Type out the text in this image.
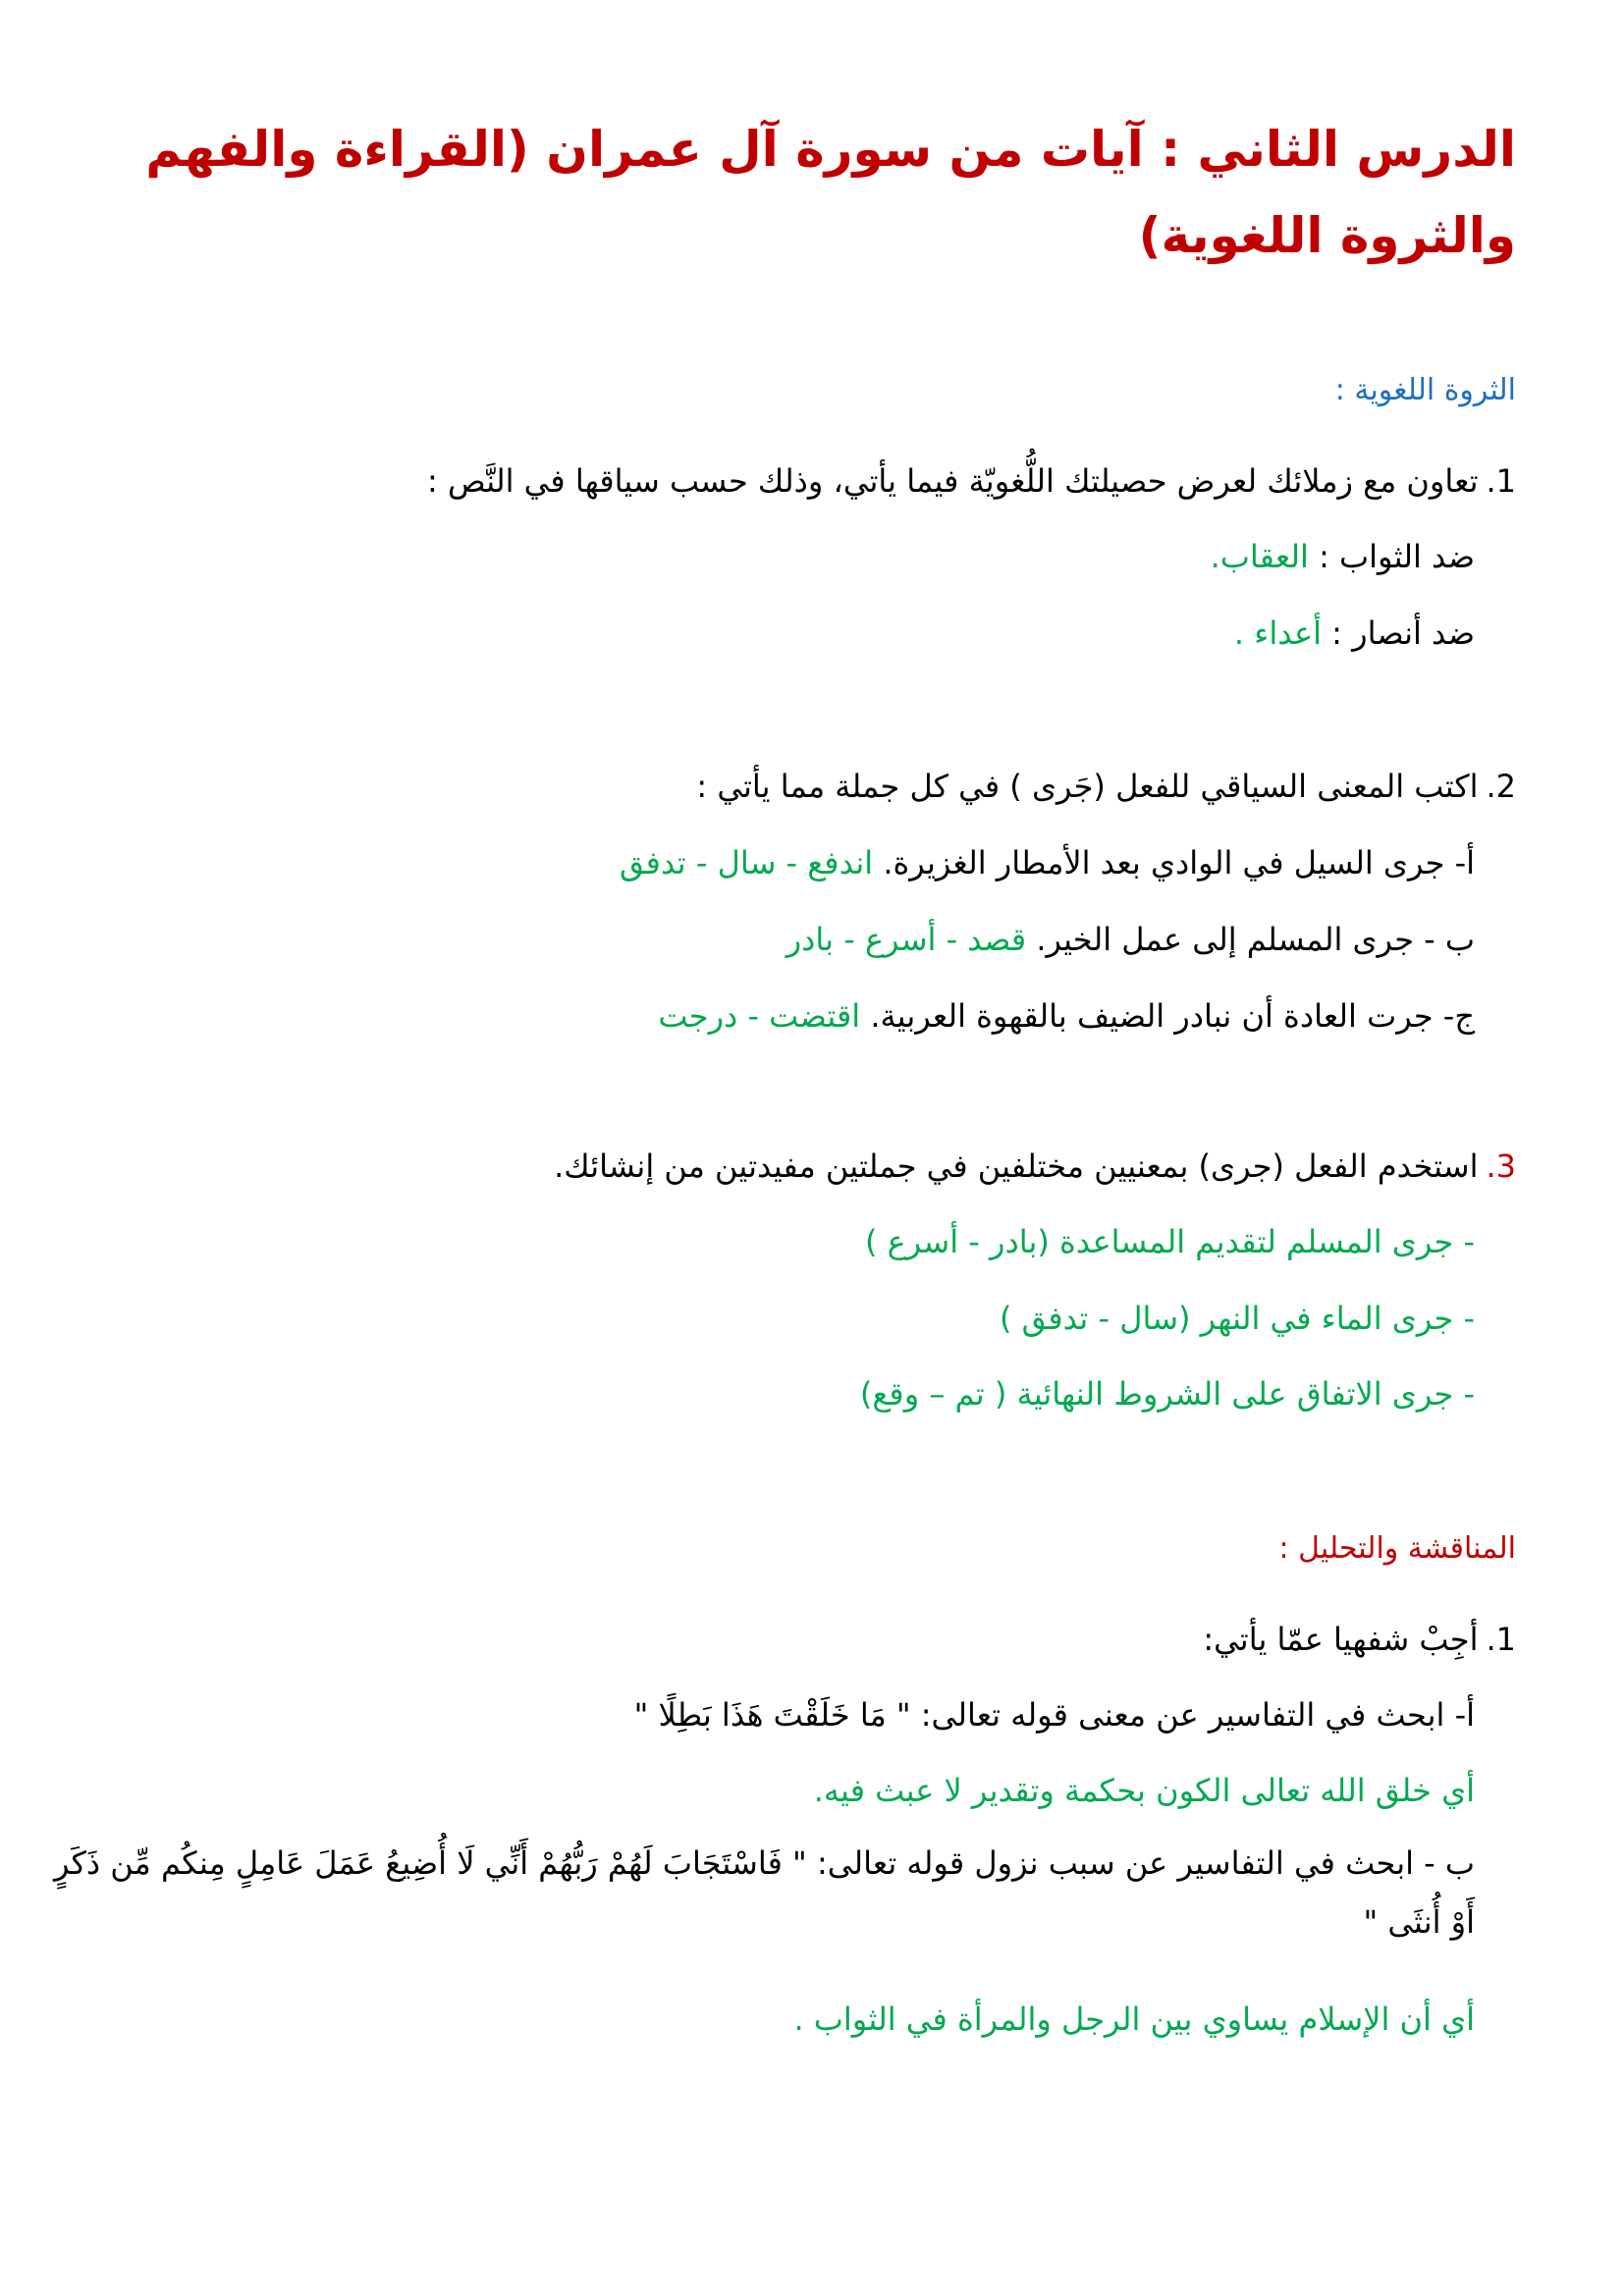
الدرس الثاني : آيات من سورة آل عمران (القراءة والفهم والثروة اللغوية)

الثروة اللغوية :

1.تعاون مع زملائك لعرض حصيلتك اللُّغويّة فيما يأتي، وذلك حسب سياقها في النَّص :
ضد الثواب : العقاب.
ضد أنصار : أعداء .
2.اكتب المعنى السياقي للفعل (جَرى ) في كل جملة مما يأتي :
أ- جرى السيل في الوادي بعد الأمطار الغزيرة. اندفع - سال - تدفق
ب - جرى المسلم إلى عمل الخير. قصد - أسرع - بادر
ج- جرت العادة أن نبادر الضيف بالقهوة العربية. اقتضت - درجت
3.استخدم الفعل (جرى) بمعنيين مختلفين في جملتين مفيدتين من إنشائك.
- جرى المسلم لتقديم المساعدة (بادر - أسرع )
- جرى الماء في النهر (سال - تدفق )
- جرى الاتفاق على الشروط النهائية ( تم – وقع)

المناقشة والتحليل :

1.أجِبْ شفهيا عمّا يأتي:
أ- ابحث في التفاسير عن معنى قوله تعالى: " مَا خَلَقْتَ هَذَا بَطِلًا "
أي خلق الله تعالى الكون بحكمة وتقدير لا عبث فيه.
ب - ابحث في التفاسير عن سبب نزول قوله تعالى: " فَاسْتَجَابَ لَهُمْ رَبُّهُمْ أَنِّي لَا أُضِيعُ عَمَلَ عَامِلٍ مِنكُم مِّن ذَكَرٍ أَوْ أُنثَى "
أي أن الإسلام يساوي بين الرجل والمرأة في الثواب .
